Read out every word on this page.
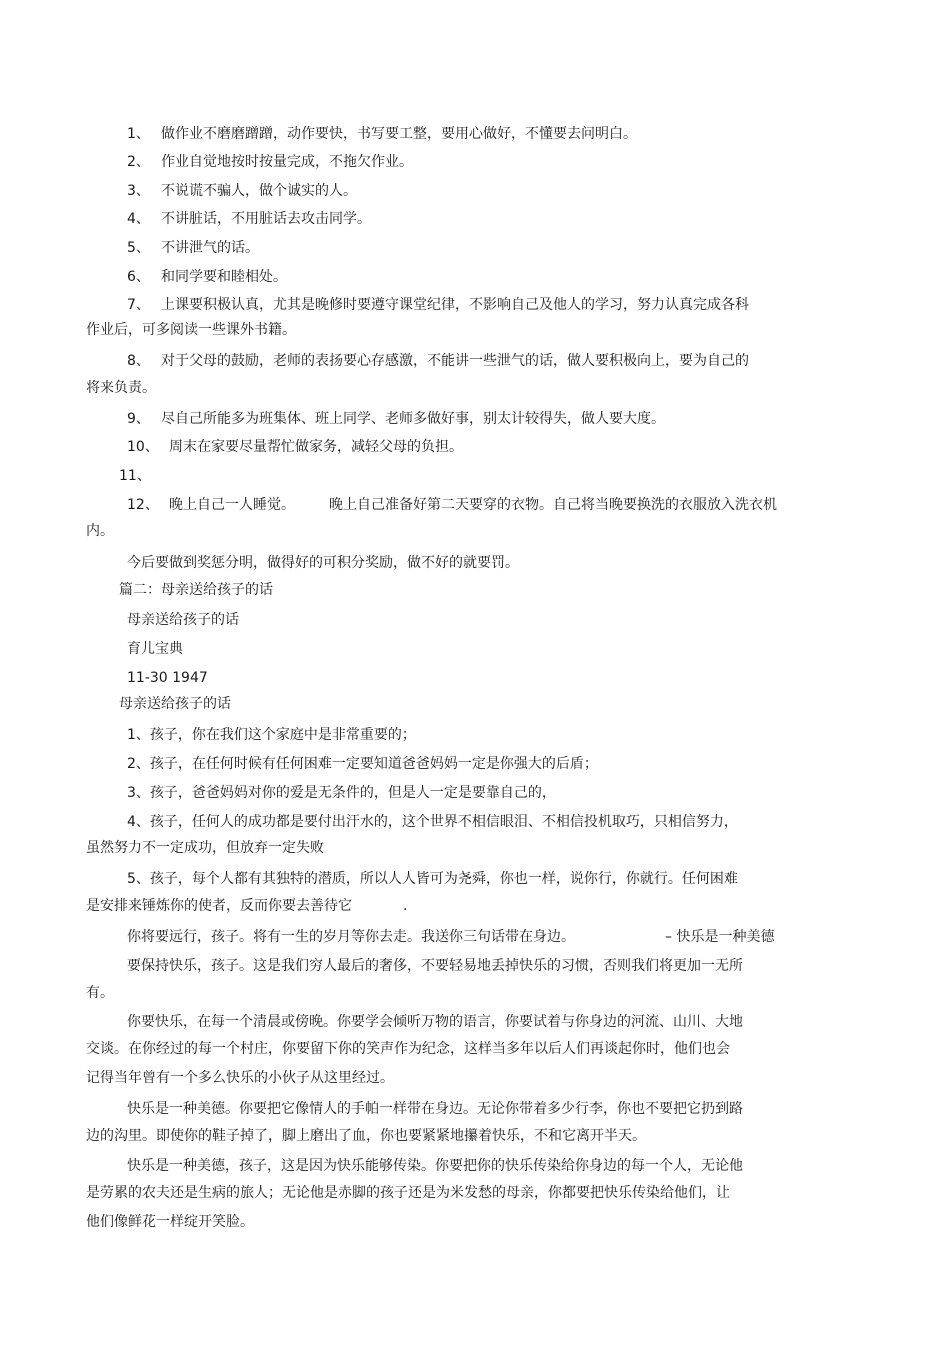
1、 做作业不磨磨蹭蹭，动作要快，书写要工整，要用心做好，不懂要去问明白。
2、 作业自觉地按时按量完成，不拖欠作业。
3、 不说谎不骗人，做个诚实的人。
4、 不讲脏话，不用脏话去攻击同学。
5、 不讲泄气的话。
6、 和同学要和睦相处。
7、 上课要积极认真，尤其是晚修时要遵守课堂纪律，不影响自己及他人的学习，努力认真完成各科
作业后，可多阅读一些课外书籍。
8、 对于父母的鼓励，老师的表扬要心存感激，不能讲一些泄气的话，做人要积极向上，要为自己的
将来负责。
9、 尽自己所能多为班集体、班上同学、老师多做好事，别太计较得失，做人要大度。
10、 周末在家要尽量帮忙做家务，减轻父母的负担。
11、
12、 晚上自己一人睡觉。 晚上自己准备好第二天要穿的衣物。自己将当晚要换洗的衣服放入洗衣机
内。
今后要做到奖惩分明，做得好的可积分奖励，做不好的就要罚。
篇二：母亲送给孩子的话
母亲送给孩子的话
育儿宝典
11-30 1947
母亲送给孩子的话
1、孩子，你在我们这个家庭中是非常重要的；
2、孩子，在任何时候有任何困难一定要知道爸爸妈妈一定是你强大的后盾；
3、孩子，爸爸妈妈对你的爱是无条件的，但是人一定是要靠自己的，
4、孩子，任何人的成功都是要付出汗水的，这个世界不相信眼泪、不相信投机取巧，只相信努力，
虽然努力不一定成功，但放弃一定失败
5、孩子，每个人都有其独特的潜质，所以人人皆可为尧舜，你也一样，说你行，你就行。任何困难
是安排来锤炼你的使者，反而你要去善待它	.
你将要远行，孩子。将有一生的岁月等你去走。我送你三句话带在身边。	– 快乐是一种美德
要保持快乐，孩子。这是我们穷人最后的奢侈，不要轻易地丢掉快乐的习惯，否则我们将更加一无所
有。
你要快乐，在每一个清晨或傍晚。你要学会倾听万物的语言，你要试着与你身边的河流、山川、大地
交谈。在你经过的每一个村庄，你要留下你的笑声作为纪念，这样当多年以后人们再谈起你时，他们也会
记得当年曾有一个多么快乐的小伙子从这里经过。
快乐是一种美德。你要把它像情人的手帕一样带在身边。无论你带着多少行李，你也不要把它扔到路
边的沟里。即使你的鞋子掉了，脚上磨出了血，你也要紧紧地攥着快乐，不和它离开半天。
快乐是一种美德，孩子，这是因为快乐能够传染。你要把你的快乐传染给你身边的每一个人，无论他
是劳累的农夫还是生病的旅人；无论他是赤脚的孩子还是为米发愁的母亲，你都要把快乐传染给他们，让
他们像鲜花一样绽开笑脸。
